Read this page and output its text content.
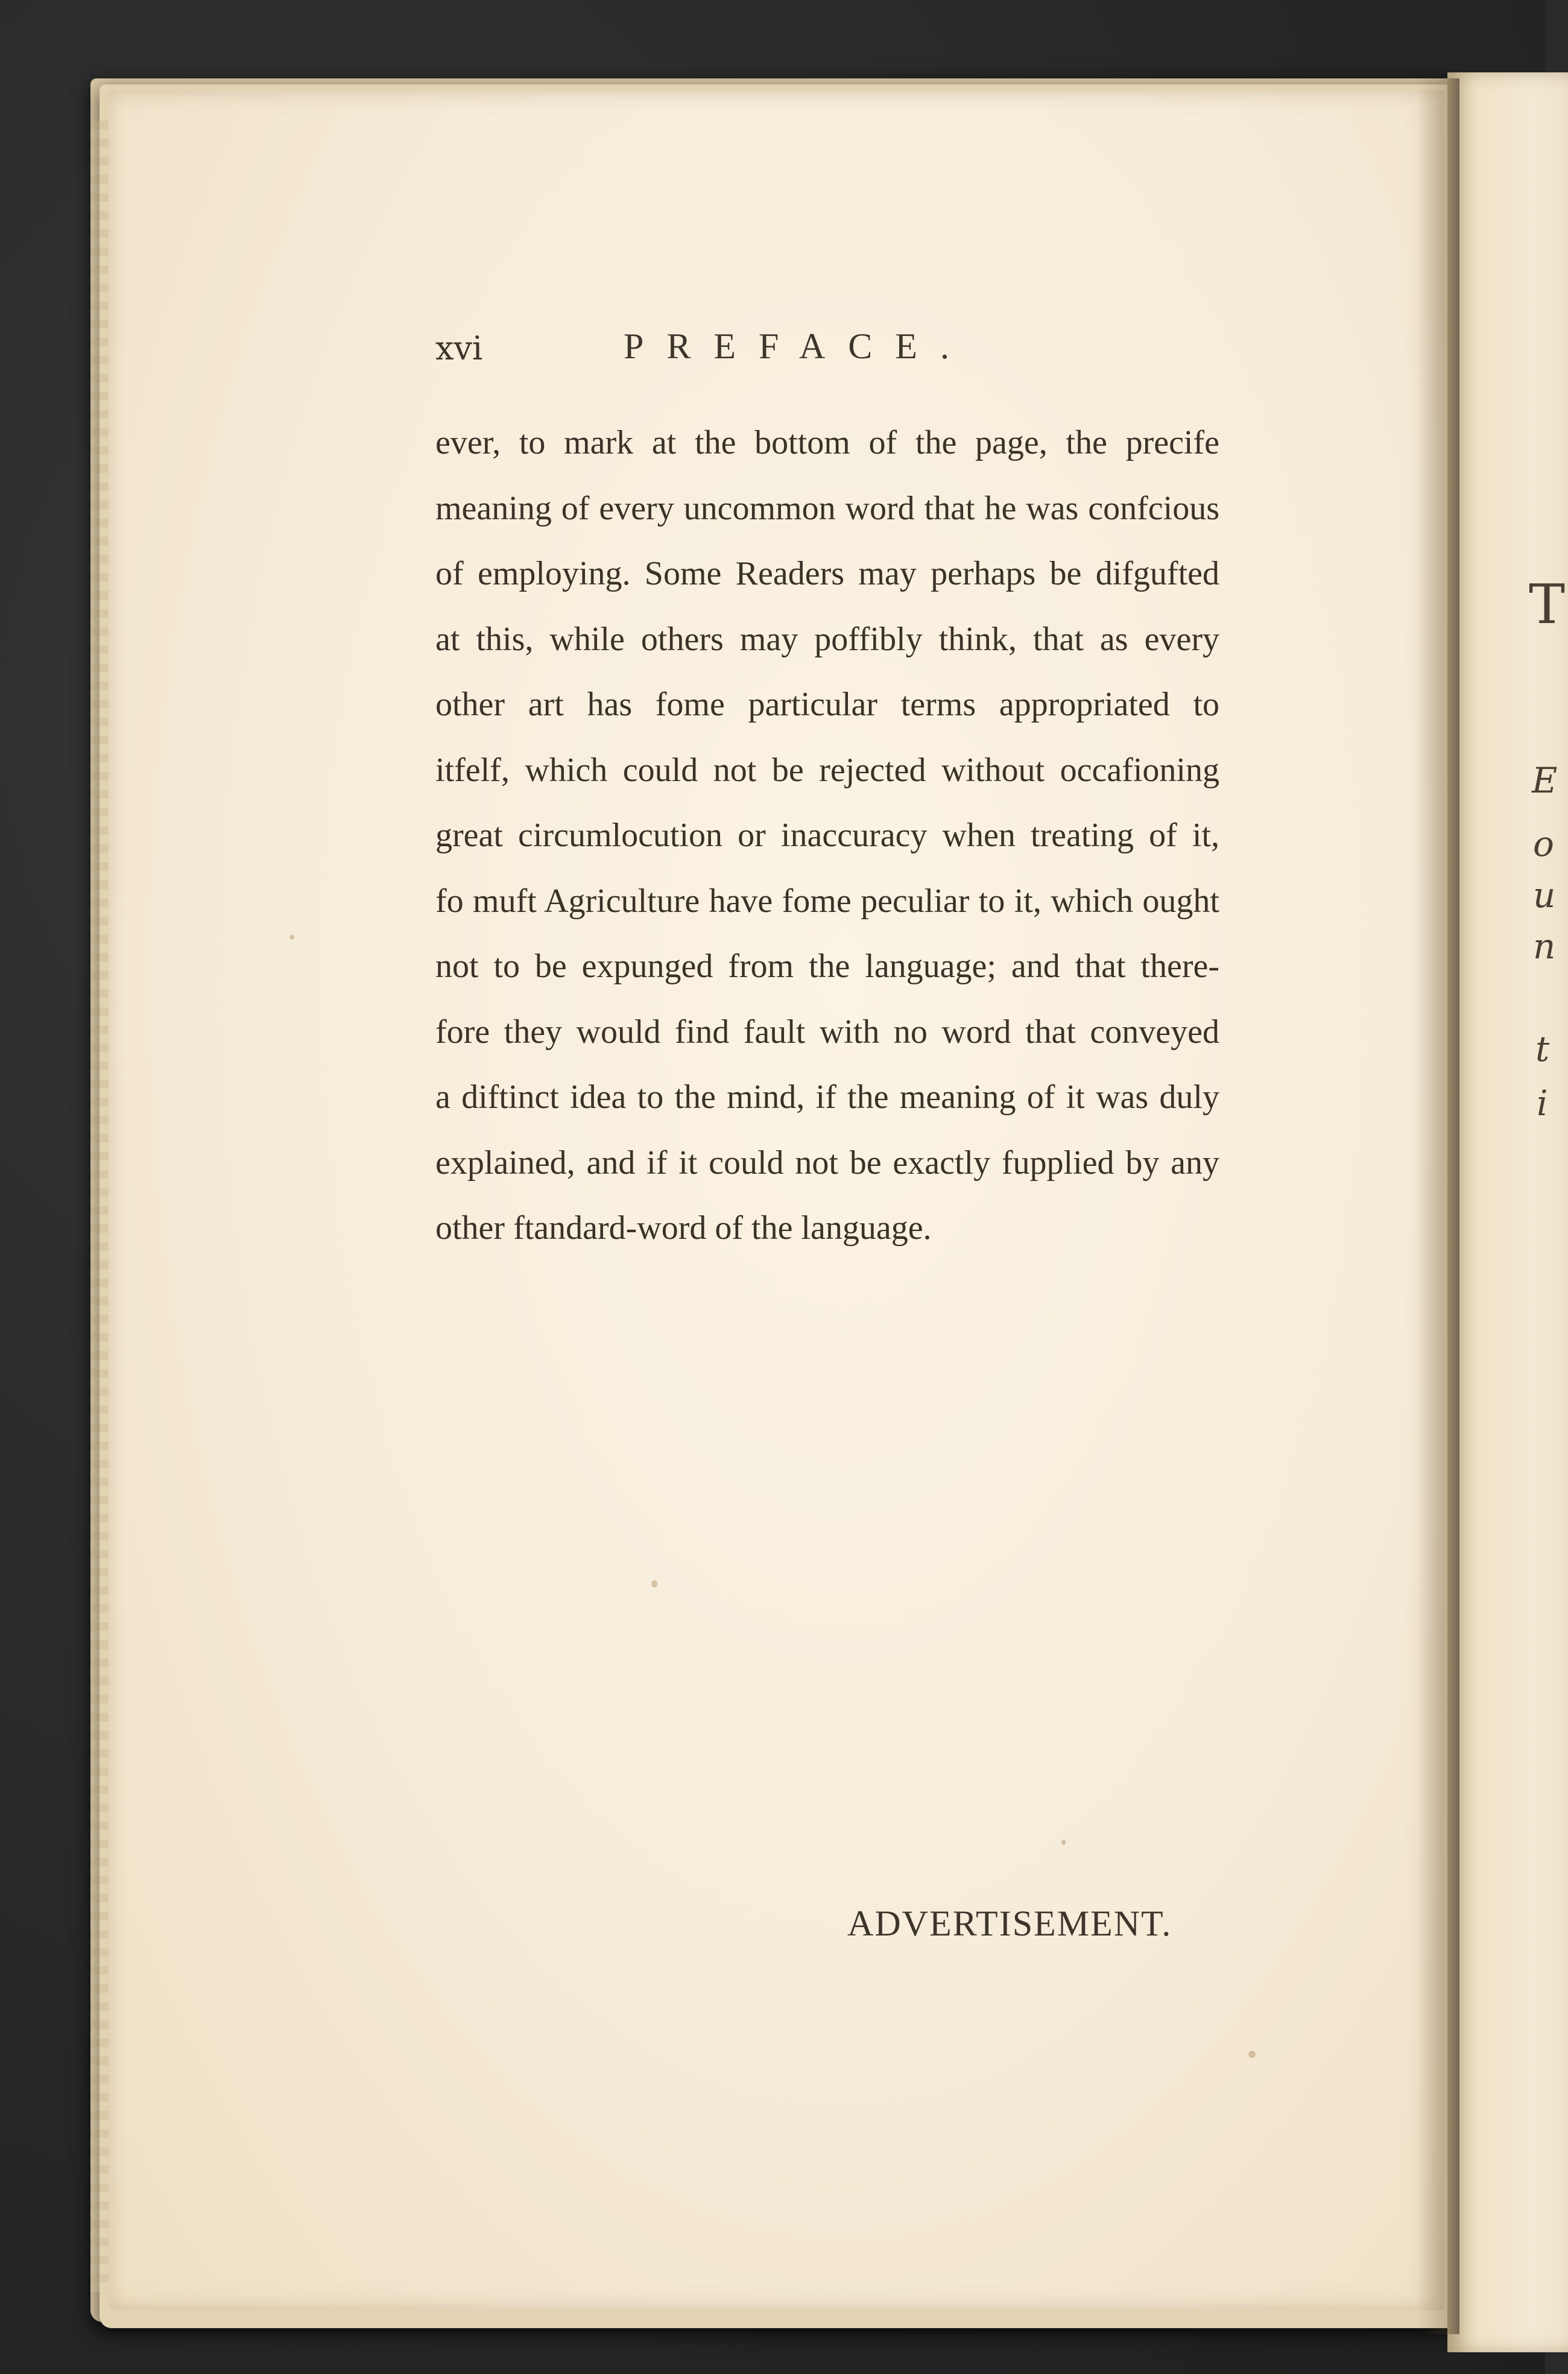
T
E
o
u
n
t
i
xvi	PREFACE.
ever, to mark at the bottom of the page, the precife
meaning of every uncommon word that he was confcious
of employing. Some Readers may perhaps be difgufted
at this, while others may poffibly think, that as every
other art has fome particular terms appropriated to
itfelf, which could not be rejected without occafioning
great circumlocution or inaccuracy when treating of it,
fo muft Agriculture have fome peculiar to it, which ought
not to be expunged from the language; and that there-
fore they would find fault with no word that conveyed
a diftinct idea to the mind, if the meaning of it was duly
explained, and if it could not be exactly fupplied by any
other ftandard-word of the language.
ADVERTISEMENT.
